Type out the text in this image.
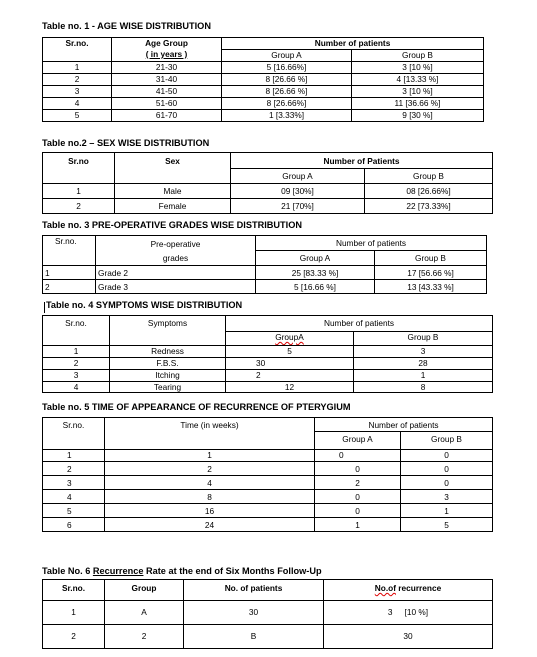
Table no. 1 - AGE WISE DISTRIBUTION
Sr.no.	Age Group
( in years )	Number of patients	
		Group A	Group B
1	21-30	5 [16.66%]	3 [10 %]
2	31-40	8 [26.66 %]	4 [13.33 %]
3	41-50	8 [26.66 %]	3 [10 %]
4	51-60	8 [26.66%]	11 [36.66 %]
5	61-70	1 [3.33%]	9 [30 %]
Table no.2 – SEX WISE DISTRIBUTION
Sr.no	Sex	Number of Patients	
		Group A	Group B
1	Male	09 [30%]	08 [26.66%]
2	Female	21 [70%]	22 [73.33%]
Table no. 3 PRE-OPERATIVE GRADES WISE DISTRIBUTION
Sr.no.	Pre-operative
grades	Number of patients	
		Group A	Group B
1	Grade 2	25 [83.33 %]	17 [56.66 %]
2	Grade 3	5 [16.66 %]	13 [43.33 %]
Table no. 4 SYMPTOMS WISE DISTRIBUTION
Sr.no.	Symptoms	Number of patients	
		GroupA	Group B
1	Redness	5	3
2	F.B.S.	30	28
3	Itching	2	1
4	Tearing	12	8
Table no. 5 TIME OF APPEARANCE OF RECURRENCE OF PTERYGIUM
Sr.no.	Time (in weeks)	Number of patients	
		Group A	Group B
1	1	0	0
2	2	0	0
3	4	2	0
4	8	0	3
5	16	0	1
6	24	1	5
Table No. 6 Recurrence Rate at the end of Six Months Follow-Up
Sr.no.	Group	No. of patients	No.of recurrence
1	A	30	3 [10 %]
2	2	B	30
